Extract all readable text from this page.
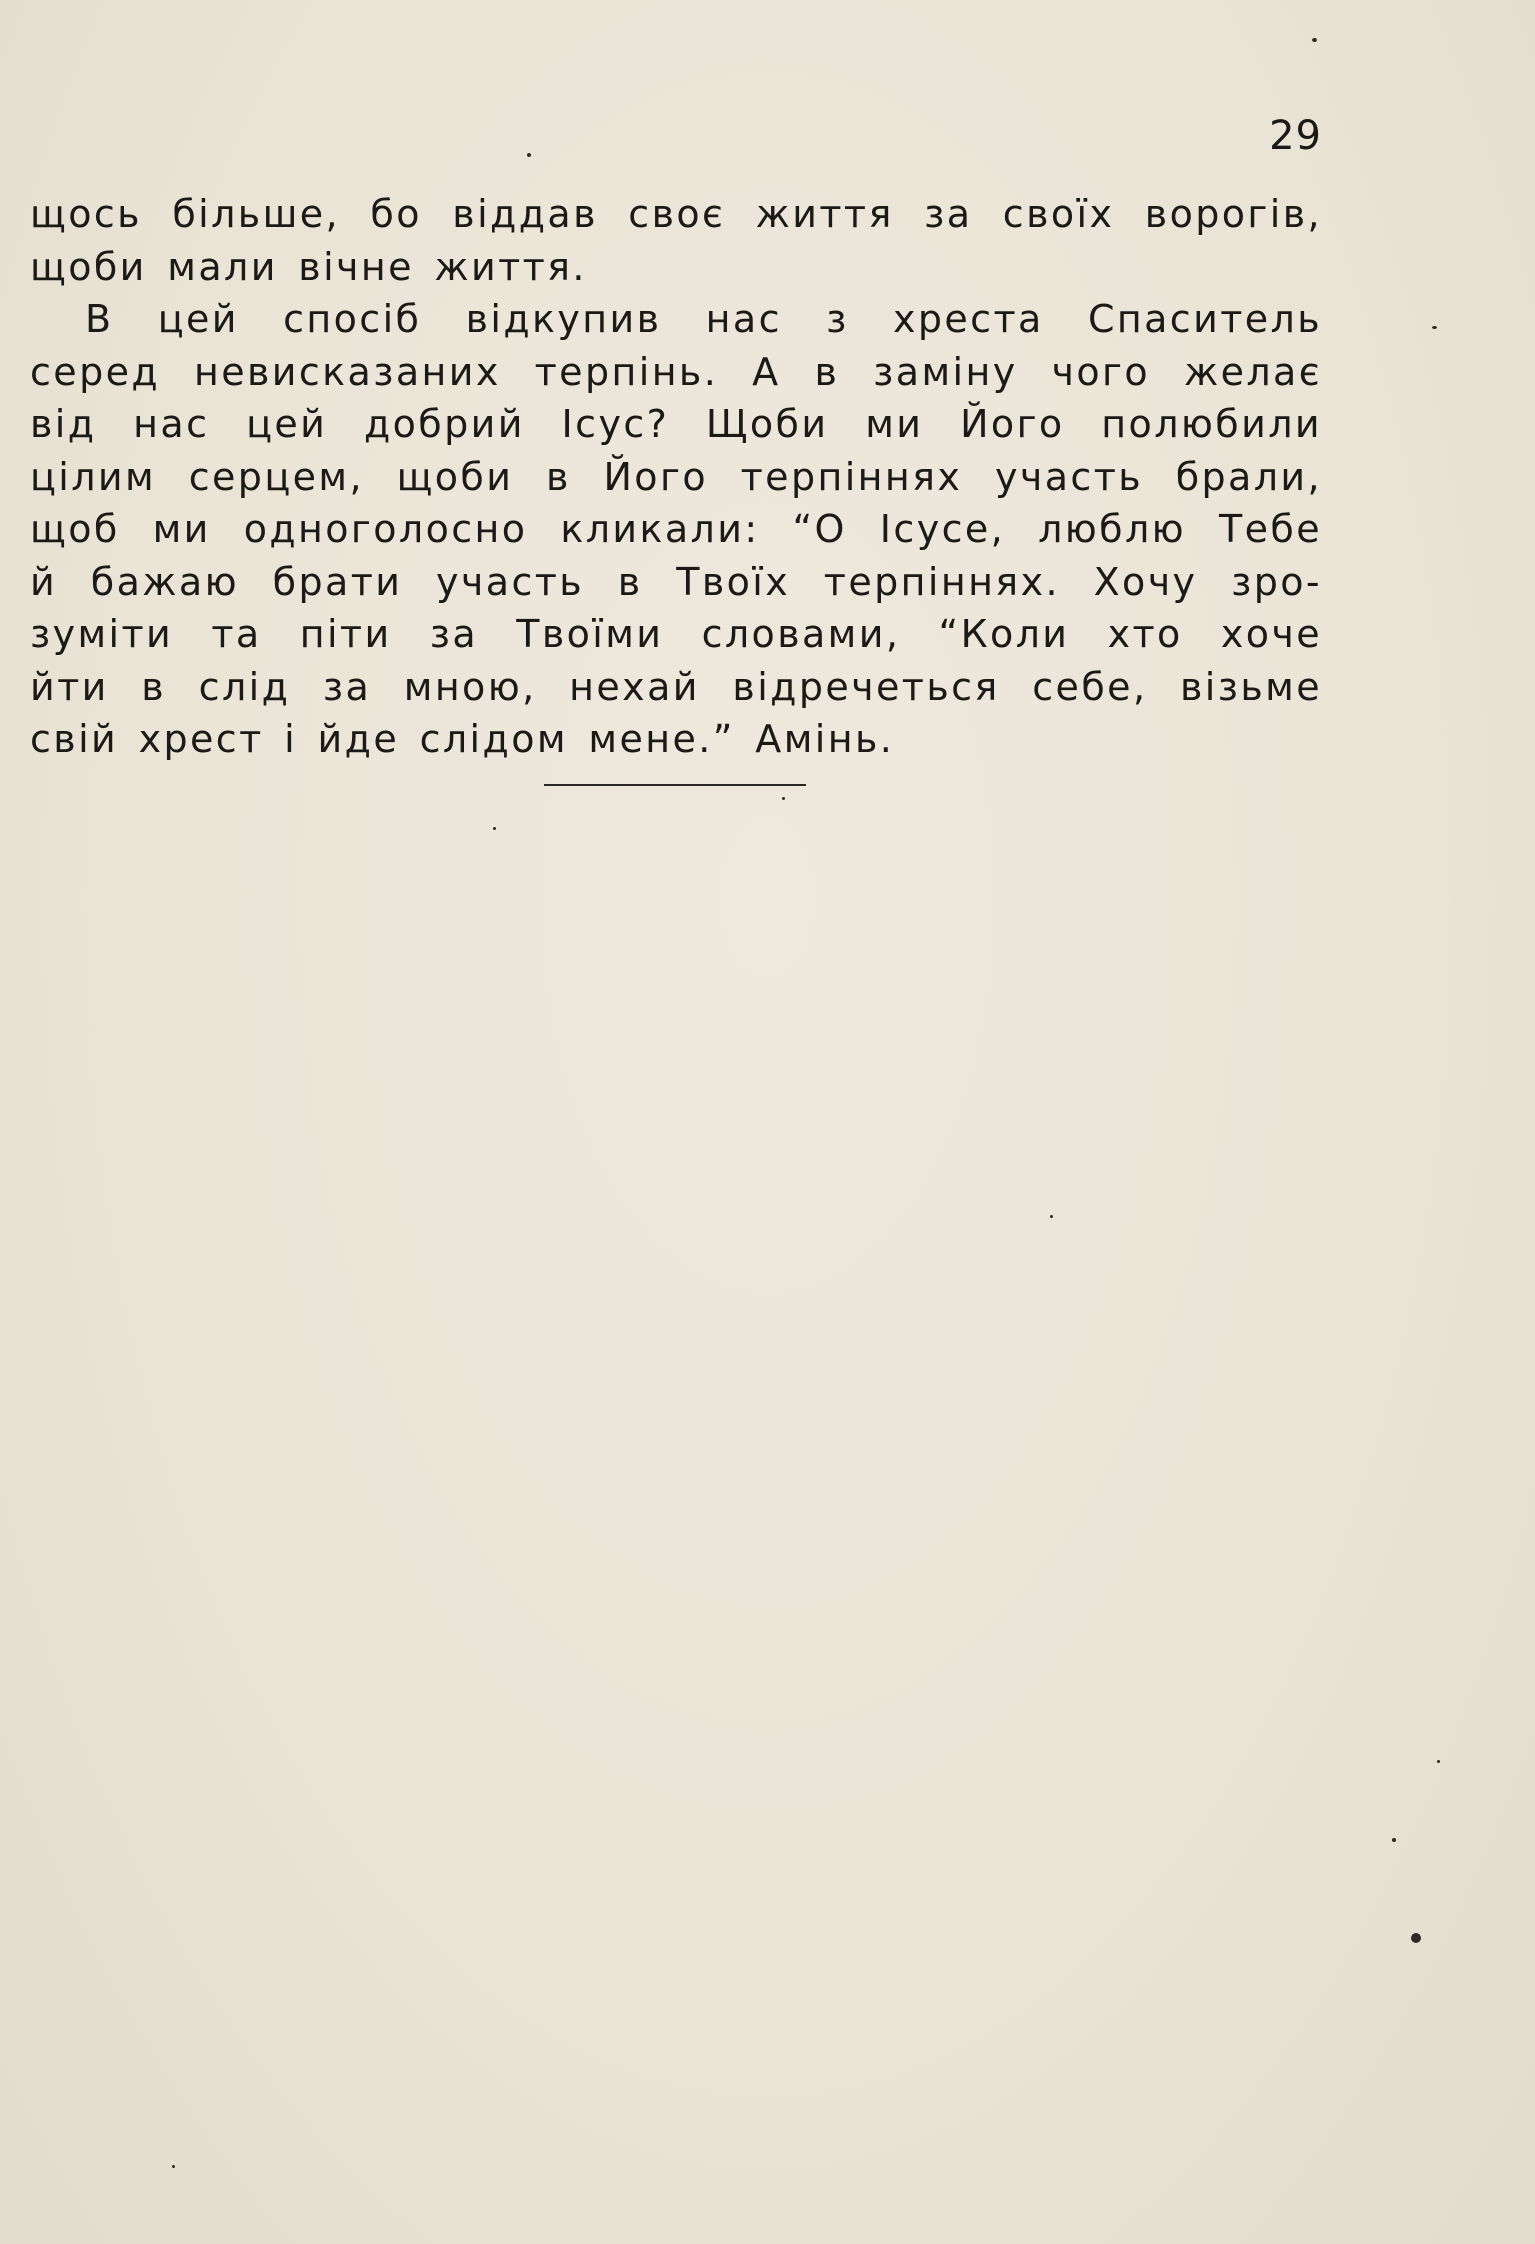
29
щось більше, бо віддав своє життя за своїх ворогів,
щоби мали вічне життя.
В цей спосіб відкупив нас з хреста Спаситель
серед невисказаних терпінь. А в заміну чого желає
від нас цей добрий Ісус? Щоби ми Його полюбили
цілим серцем, щоби в Його терпіннях участь брали,
щоб ми одноголосно кликали: “О Ісусе, люблю Тебе
й бажаю брати участь в Твоїх терпіннях. Хочу зро-
зуміти та піти за Твоїми словами, “Коли хто хоче
йти в слід за мною, нехай відречеться себе, візьме
свій хрест і йде слідом мене.” Амінь.
